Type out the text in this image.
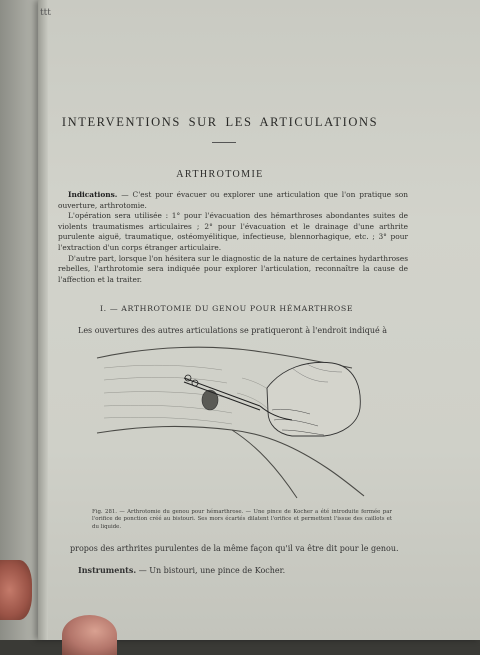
ttt
INTERVENTIONS SUR LES ARTICULATIONS
ARTHROTOMIE

Indications. — C'est pour évacuer ou explorer une articulation que l'on pratique son ouverture, arthrotomie.

L'opération sera utilisée : 1° pour l'évacuation des hémarthroses abondantes suites de violents traumatismes articulaires ; 2° pour l'évacuation et le drainage d'une arthrite purulente aiguë, traumatique, ostéomyélitique, infectieuse, blennorhagique, etc. ; 3° pour l'extraction d'un corps étranger articulaire.

D'autre part, lorsque l'on hésitera sur le diagnostic de la nature de certaines hydarthroses rebelles, l'arthrotomie sera indiquée pour explorer l'articulation, reconnaître la cause de l'affection et la traiter.

I. — ARTHROTOMIE DU GENOU POUR HÉMARTHROSE
Les ouvertures des autres articulations se pratiqueront à l'endroit indiqué à
Fig. 281. — Arthrotomie du genou pour hémarthrose. — Une pince de Kocher a été introduite fermée par l'orifice de ponction créé au bistouri. Ses mors écartés dilatent l'orifice et permettent l'issue des caillots et du liquide.
propos des arthrites purulentes de la même façon qu'il va être dit pour le genou.
Instruments. — Un bistouri, une pince de Kocher.
